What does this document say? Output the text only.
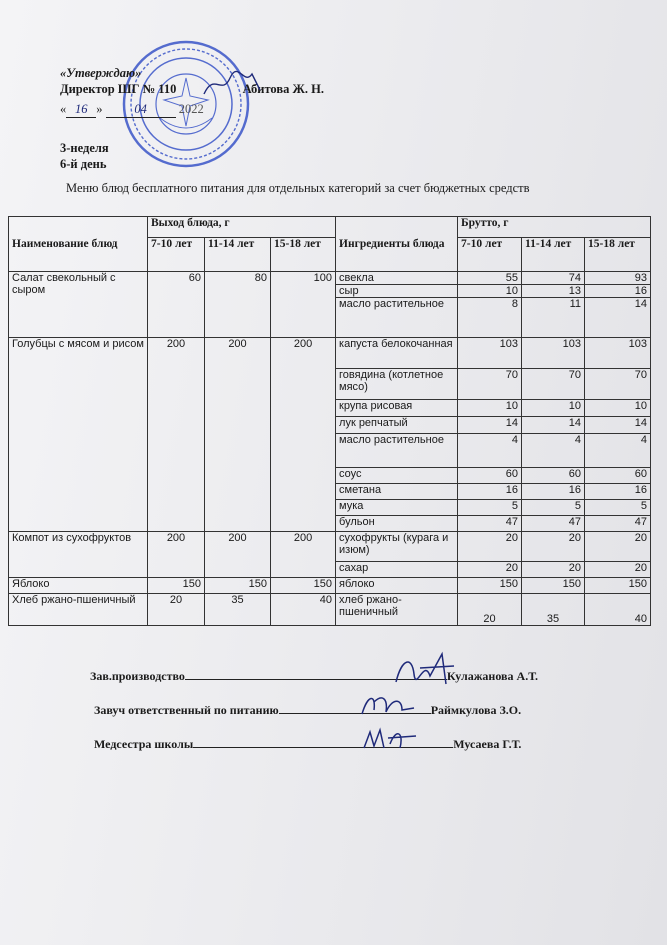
«Утверждаю»
Директор ШГ № 110	Абитова Ж. Н.
« 16 »	04	2022
3-неделя
6-й день
Меню блюд бесплатного питания для отдельных категорий за счет бюджетных средств
Наименование блюд	Выход блюда, г			Ингредиенты блюда	Брутто, г		
	7-10 лет	11-14 лет	15-18 лет		7-10 лет	11-14 лет	15-18 лет
Салат свекольный с сыром	60	80	100	свекла	55	74	93
				сыр	10	13	16
				масло растительное	8	11	14
Голубцы с мясом и рисом	200	200	200	капуста белокочанная	103	103	103
				говядина (котлетное мясо)	70	70	70
				крупа рисовая	10	10	10
				лук репчатый	14	14	14
				масло растительное	4	4	4
				соус	60	60	60
				сметана	16	16	16
				мука	5	5	5
				бульон	47	47	47
Компот из сухофруктов	200	200	200	сухофрукты (курага и изюм)	20	20	20
				сахар	20	20	20
Яблоко	150	150	150	яблоко	150	150	150
Хлеб ржано-пшеничный	20	35	40	хлеб ржано-пшеничный	20	35	40
Зав.производство	Кулажанова А.Т.
Завуч ответственный по питанию	Раймкулова З.О.
Медсестра школы	Мусаева Г.Т.
